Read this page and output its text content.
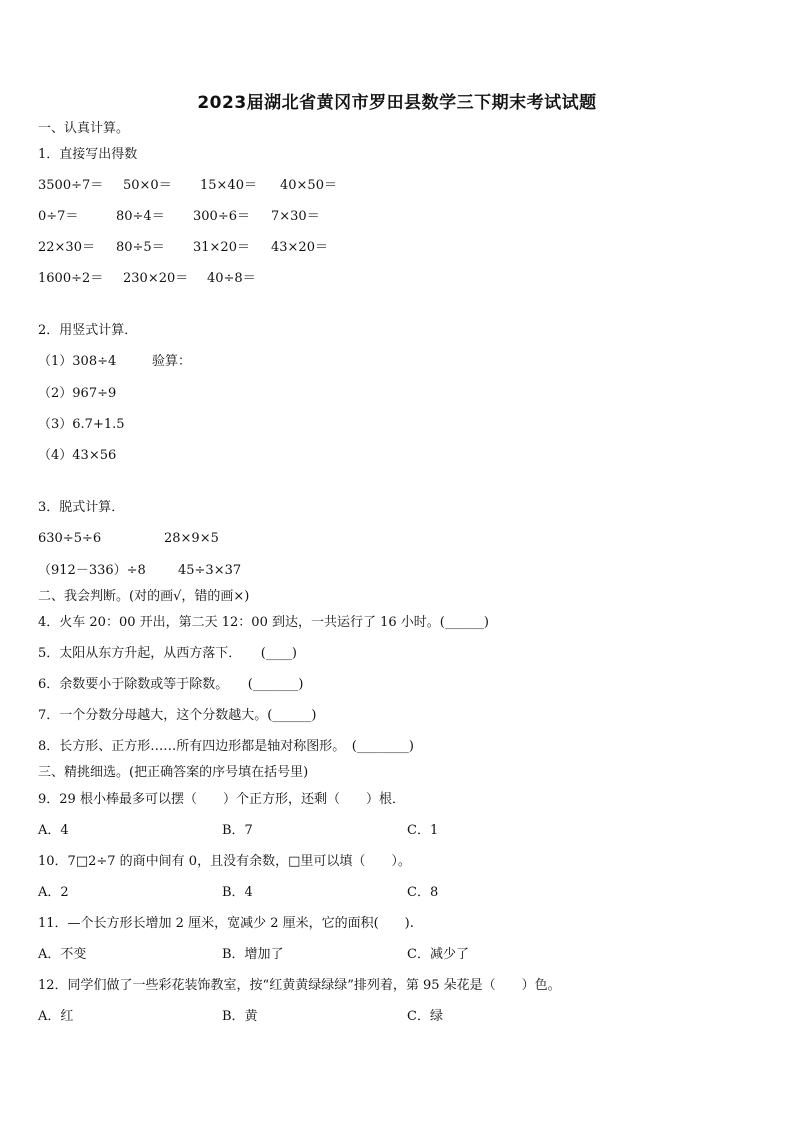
2023届湖北省黄冈市罗田县数学三下期末考试试题
一、认真计算。
1．直接写出得数
3500÷7＝ 50×0＝ 15×40＝ 40×50＝
0÷7＝	80÷4＝ 300÷6＝ 7×30＝
22×30＝ 80÷5＝ 31×20＝ 43×20＝
1600÷2＝ 230×20＝ 40÷8＝
2．用竖式计算．
（1）308÷4	验算：
（2）967÷9
（3）6.7+1.5
（4）43×56
3．脱式计算．
630÷5÷6	28×9×5
（912－336）÷8 45÷3×37
二、我会判断。(对的画√，错的画×)
4．火车 20：00 开出，第二天 12：00 到达，一共运行了 16 小时。(______)
5．太阳从东方升起，从西方落下．　　(____)
6．余数要小于除数或等于除数。　　(_______)
7．一个分数分母越大，这个分数越大。(______)
8．长方形、正方形……所有四边形都是轴对称图形。　(________)
三、精挑细选。(把正确答案的序号填在括号里)
9．29 根小棒最多可以摆（　　）个正方形，还剩（　　）根．
A．4	B．7	C．1
10．7□2÷7 的商中间有 0，且没有余数，□里可以填（　　）。
A．2	B．4	C．8
11．—个长方形长增加 2 厘米，宽减少 2 厘米，它的面积(　　).
A．不变	B．增加了	C．减少了
12．同学们做了一些彩花装饰教室，按“红黄黄绿绿绿”排列着，第 95 朵花是（　　）色。
A．红	B．黄	C．绿
